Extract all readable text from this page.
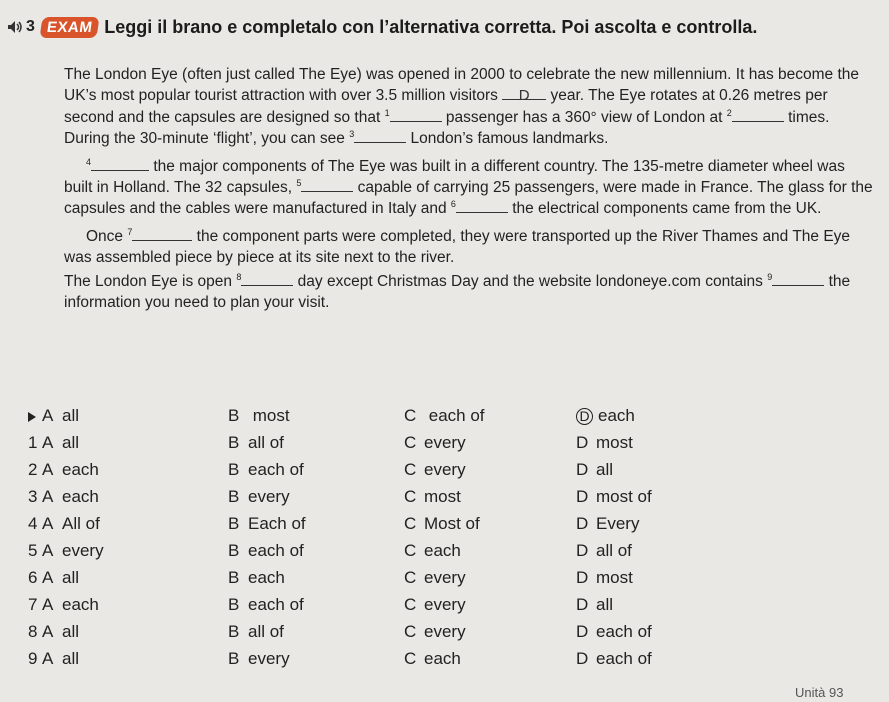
3 EXAM Leggi il brano e completalo con l’alternativa corretta. Poi ascolta e controlla.

The London Eye (often just called The Eye) was opened in 2000 to celebrate the new millennium. It has become the UK’s most popular tourist attraction with over 3.5 million visitors D year. The Eye rotates at 0.26 metres per second and the capsules are designed so that $^1$	passenger has a 360° view of London at $^2$	times. During the 30-minute ‘flight’, you can see $^3$	London’s famous landmarks.

$^4$	the major components of The Eye was built in a different country. The 135-metre diameter wheel was built in Holland. The 32 capsules, $^5$	capable of carrying 25 passengers, were made in France. The glass for the capsules and the cables were manufactured in Italy and $^6$	the electrical components came from the UK.

Once $^7$	the component parts were completed, they were transported up the River Thames and The Eye was assembled piece by piece at its site next to the river.

The London Eye is open $^8$	day except Christmas Day and the website londoneye.com contains $^9$	the information you need to plan your visit.

A all	B most	C each of	D each
1 A all	B all of	C every	D most
2 A each	B each of	C every	D all
3 A each	B every	C most	D most of
4 A All of	B Each of	C Most of	D Every
5 A every	B each of	C each	D all of
6 A all	B each	C every	D most
7 A each	B each of	C every	D all
8 A all	B all of	C every	D each of
9 A all	B every	C each	D each of
Unità 93
